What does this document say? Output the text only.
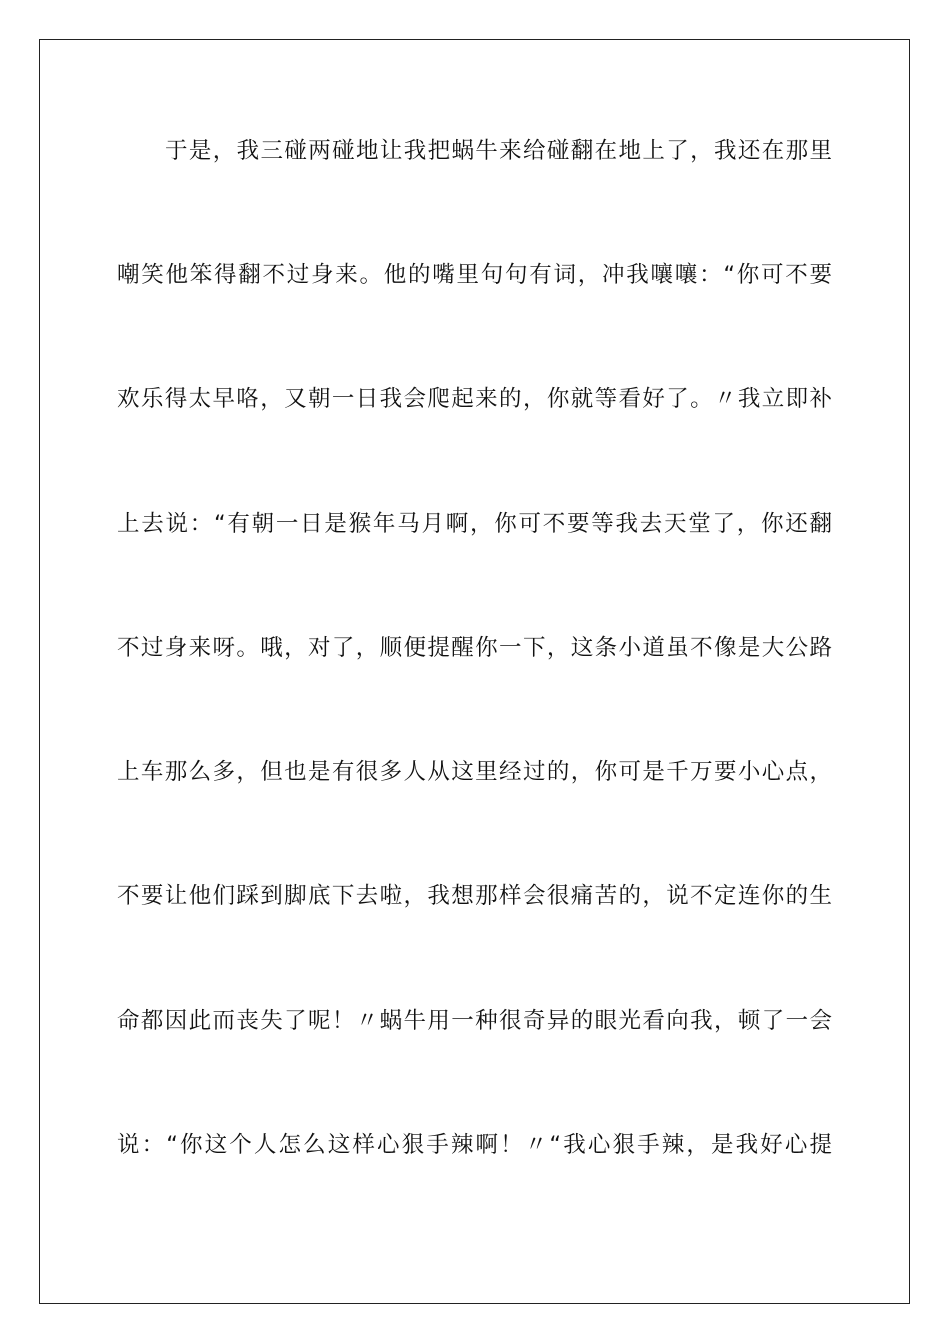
于是，我三碰两碰地让我把蜗牛来给碰翻在地上了，我还在那里
嘲笑他笨得翻不过身来。他的嘴里句句有词，冲我嚷嚷：“你可不要
欢乐得太早咯，又朝一日我会爬起来的，你就等看好了。〃我立即补
上去说：“有朝一日是猴年马月啊，你可不要等我去天堂了，你还翻
不过身来呀。哦，对了，顺便提醒你一下，这条小道虽不像是大公路
上车那么多，但也是有很多人从这里经过的，你可是千万要小心点，
不要让他们踩到脚底下去啦，我想那样会很痛苦的，说不定连你的生
命都因此而丧失了呢！〃蜗牛用一种很奇异的眼光看向我，顿了一会
说：“你这个人怎么这样心狠手辣啊！〃“我心狠手辣，是我好心提
